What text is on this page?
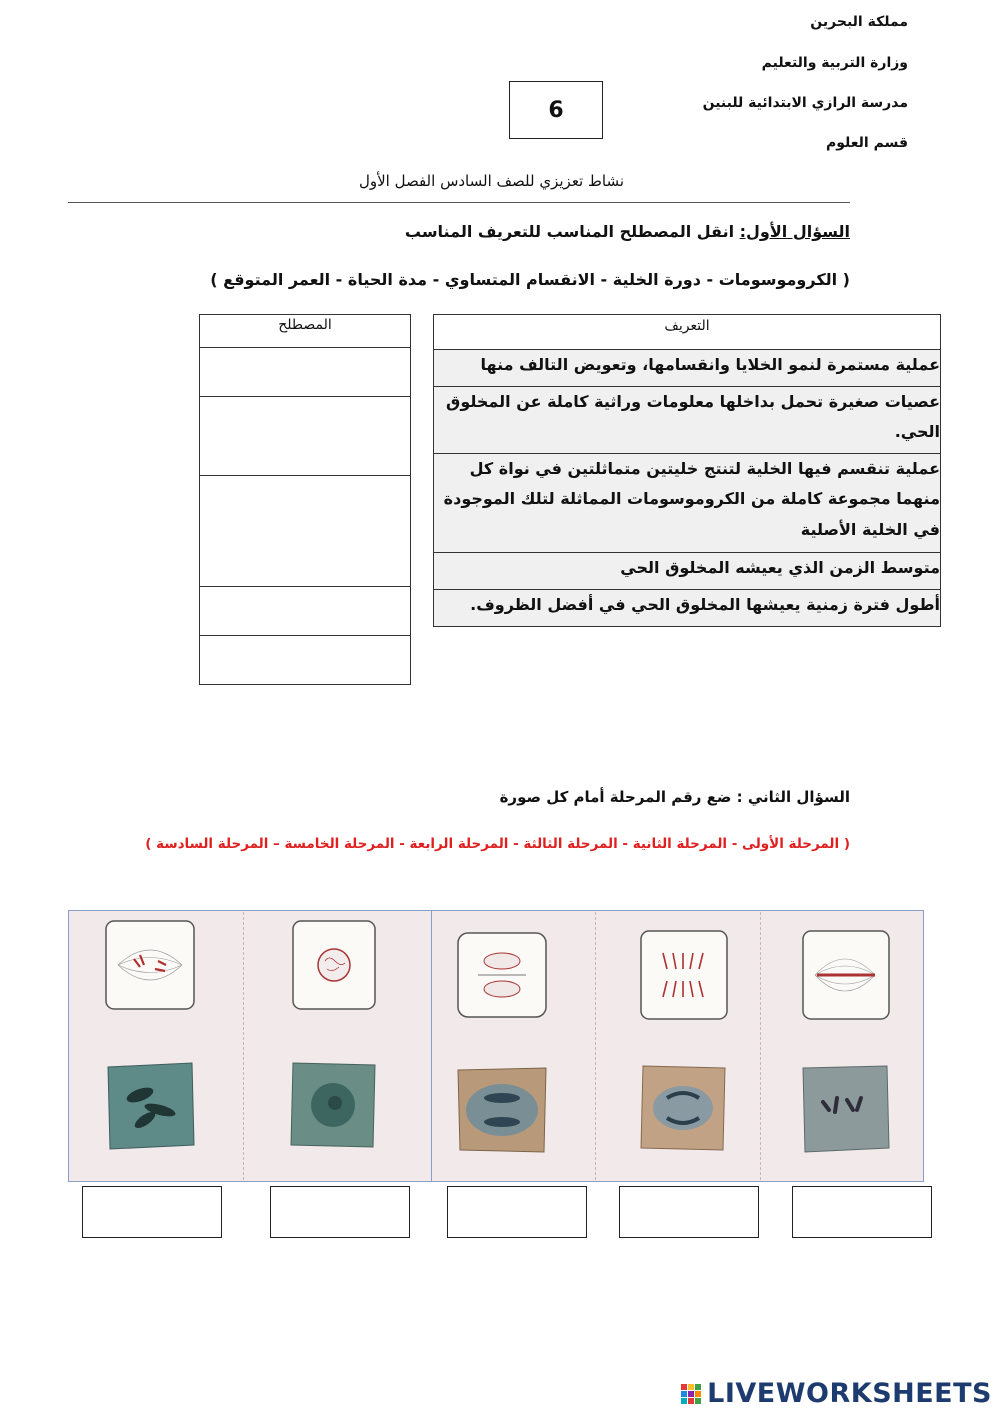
مملكة البحرين
وزارة التربية والتعليم
مدرسة الرازي الابتدائية للبنين
قسم العلوم
6
نشاط تعزيزي للصف السادس الفصل الأول
السؤال الأول: انقل المصطلح المناسب للتعريف المناسب
( الكروموسومات - دورة الخلية - الانقسام المتساوي - مدة الحياة - العمر المتوقع )
التعريف
عملية مستمرة لنمو الخلايا وانقسامها، وتعويض التالف منها
عصيات صغيرة تحمل بداخلها معلومات وراثية كاملة عن المخلوق الحي.
عملية تنقسم فيها الخلية لتنتج خليتين متماثلتين في نواة كل منهما مجموعة كاملة من الكروموسومات المماثلة لتلك الموجودة في الخلية الأصلية
متوسط الزمن الذي يعيشه المخلوق الحي
أطول فترة زمنية يعيشها المخلوق الحي في أفضل الظروف.
المصطلح

السؤال الثاني : ضع رقم المرحلة أمام كل صورة
( المرحلة الأولى - المرحلة الثانية - المرحلة الثالثة - المرحلة الرابعة - المرحلة الخامسة – المرحلة السادسة )
LIVEWORKSHEETS
